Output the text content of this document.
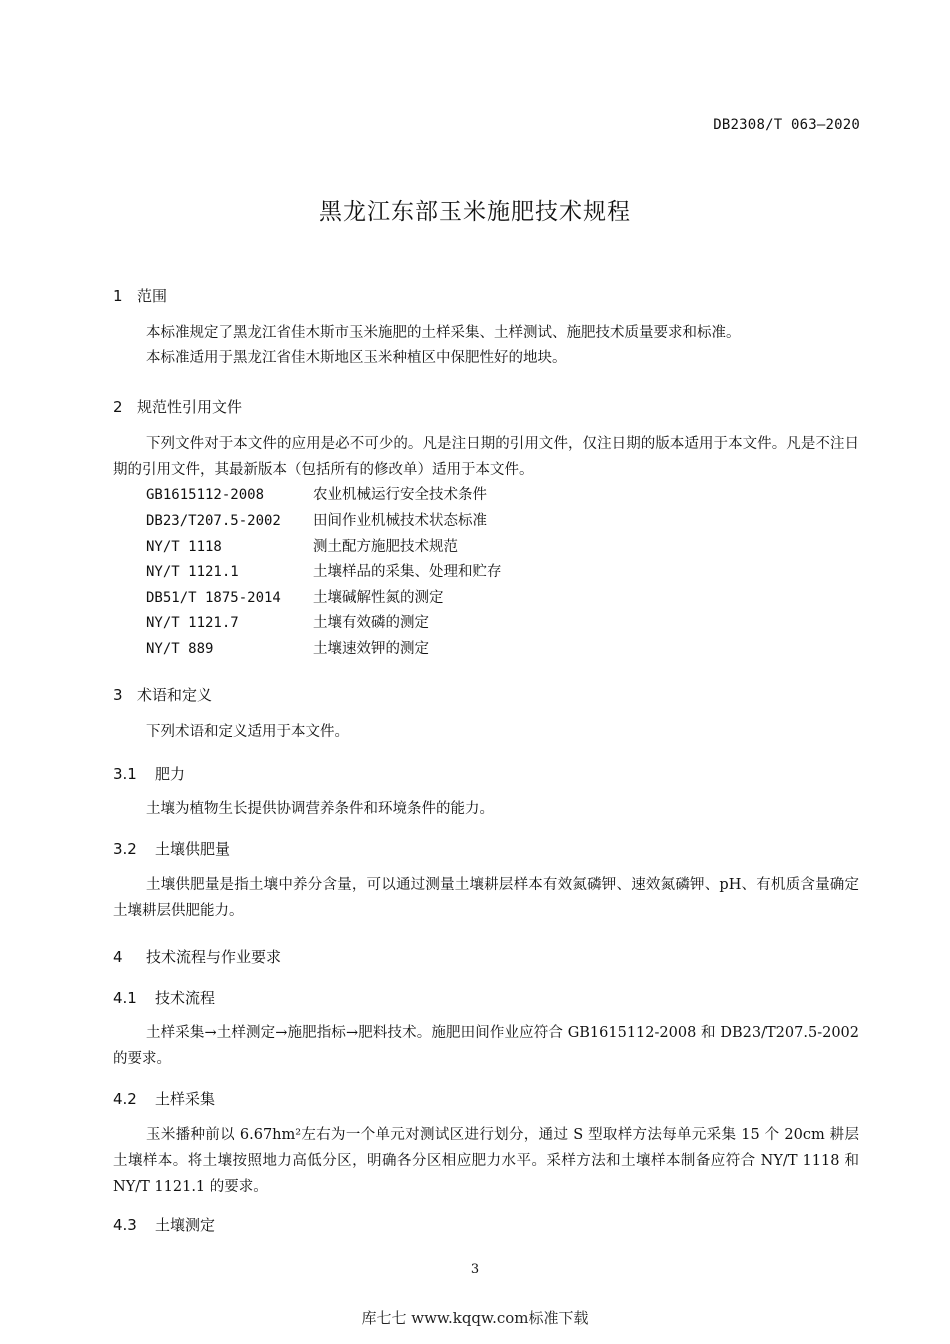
DB2308/T 063—2020
黑龙江东部玉米施肥技术规程
1 范围
本标准规定了黑龙江省佳木斯市玉米施肥的土样采集、土样测试、施肥技术质量要求和标准。
本标准适用于黑龙江省佳木斯地区玉米种植区中保肥性好的地块。
2 规范性引用文件
下列文件对于本文件的应用是必不可少的。凡是注日期的引用文件，仅注日期的版本适用于本文件。凡是不注日期的引用文件，其最新版本（包括所有的修改单）适用于本文件。
GB1615112-2008	农业机械运行安全技术条件
DB23/T207.5-2002 田间作业机械技术状态标准
NY/T 1118	测土配方施肥技术规范
NY/T 1121.1	土壤样品的采集、处理和贮存
DB51/T 1875-2014 土壤碱解性氮的测定
NY/T 1121.7	土壤有效磷的测定
NY/T 889	土壤速效钾的测定
3 术语和定义
下列术语和定义适用于本文件。
3.1 肥力
土壤为植物生长提供协调营养条件和环境条件的能力。
3.2 土壤供肥量
土壤供肥量是指土壤中养分含量，可以通过测量土壤耕层样本有效氮磷钾、速效氮磷钾、pH、有机质含量确定土壤耕层供肥能力。
4 技术流程与作业要求
4.1 技术流程
土样采集→土样测定→施肥指标→肥料技术。施肥田间作业应符合 GB1615112-2008 和 DB23/T207.5-2002 的要求。
4.2 土样采集
玉米播种前以 6.67hm²左右为一个单元对测试区进行划分，通过 S 型取样方法每单元采集 15 个 20cm 耕层土壤样本。将土壤按照地力高低分区，明确各分区相应肥力水平。采样方法和土壤样本制备应符合 NY/T 1118 和 NY/T 1121.1 的要求。
4.3 土壤测定
3
库七七 www.kqqw.com标准下载
